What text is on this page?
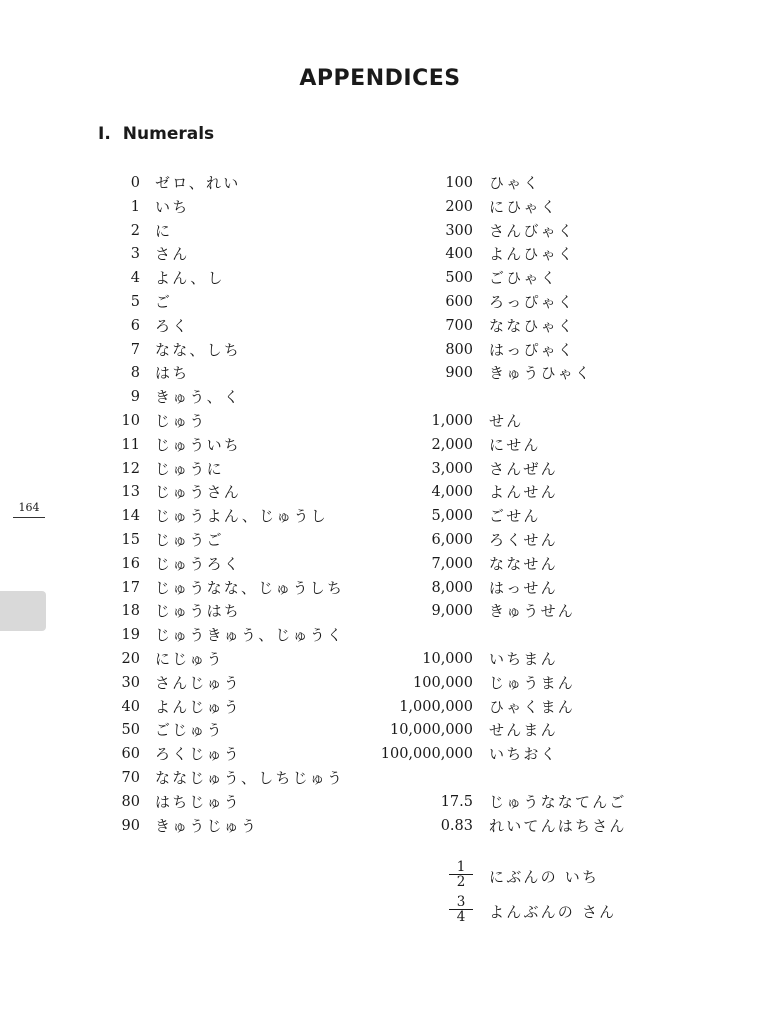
APPENDICES
Ⅰ. Numerals
164
0 ゼロ、れい
1 いち
2 に
3 さん
4 よん、し
5 ご
6 ろく
7 なな、しち
8 はち
9 きゅう、く
10 じゅう
11 じゅういち
12 じゅうに
13 じゅうさん
14 じゅうよん、じゅうし
15 じゅうご
16 じゅうろく
17 じゅうなな、じゅうしち
18 じゅうはち
19 じゅうきゅう、じゅうく
20 にじゅう
30 さんじゅう
40 よんじゅう
50 ごじゅう
60 ろくじゅう
70 ななじゅう、しちじゅう
80 はちじゅう
90 きゅうじゅう
100 ひゃく
200 にひゃく
300 さんびゃく
400 よんひゃく
500 ごひゃく
600 ろっぴゃく
700 ななひゃく
800 はっぴゃく
900 きゅうひゃく
1,000 せん
2,000 にせん
3,000 さんぜん
4,000 よんせん
5,000 ごせん
6,000 ろくせん
7,000 ななせん
8,000 はっせん
9,000 きゅうせん
10,000 いちまん
100,000 じゅうまん
1,000,000 ひゃくまん
10,000,000 せんまん
100,000,000 いちおく
17.5 じゅうななてんご
0.83 れいてんはちさん
1
2	にぶんの いち
3
4	よんぶんの さん
